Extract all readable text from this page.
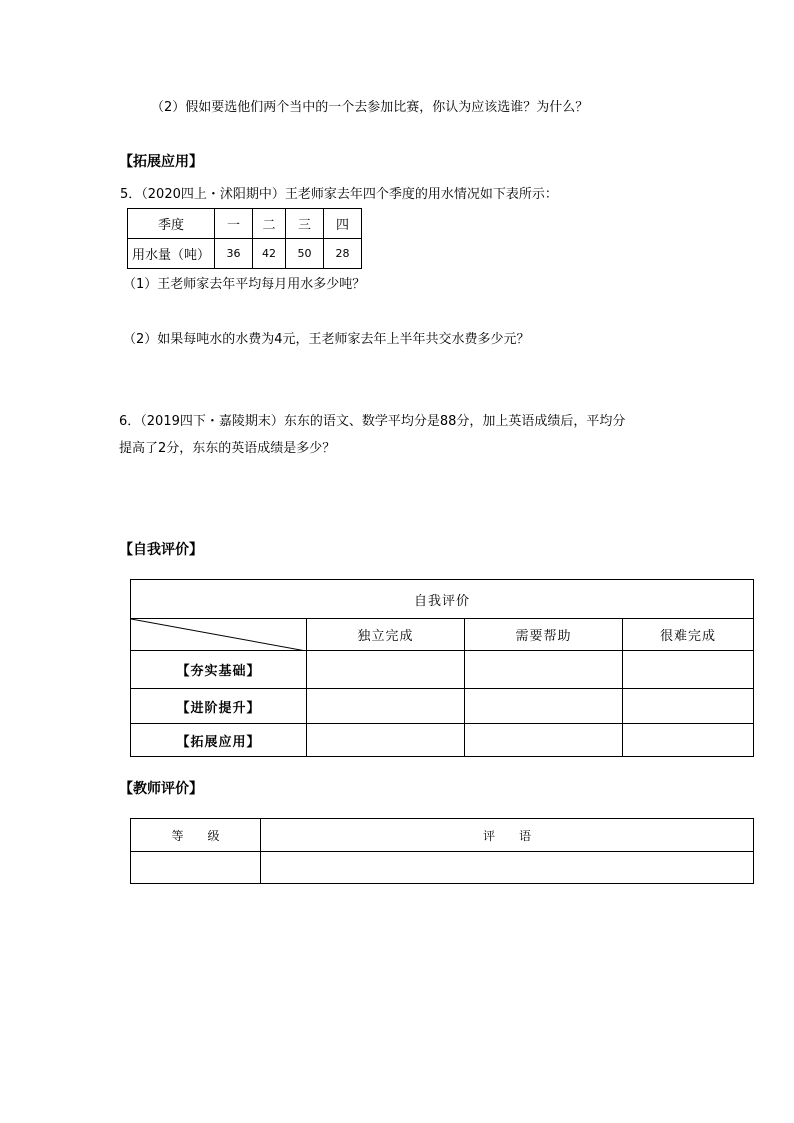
（2）假如要选他们两个当中的一个去参加比赛，你认为应该选谁？为什么？
【拓展应用】
5．（2020四上・沭阳期中）王老师家去年四个季度的用水情况如下表所示：
季度	一	二	三	四
用水量（吨）	36	42	50	28
（1）王老师家去年平均每月用水多少吨？
（2）如果每吨水的水费为4元，王老师家去年上半年共交水费多少元？
6．（2019四下・嘉陵期末）东东的语文、数学平均分是88分，加上英语成绩后，平均分
提高了2分，东东的英语成绩是多少？
【自我评价】
自我评价			

	独立完成	需要帮助	很难完成
【夯实基础】			
【进阶提升】			
【拓展应用】			
【教师评价】
等　　级	评　　语
